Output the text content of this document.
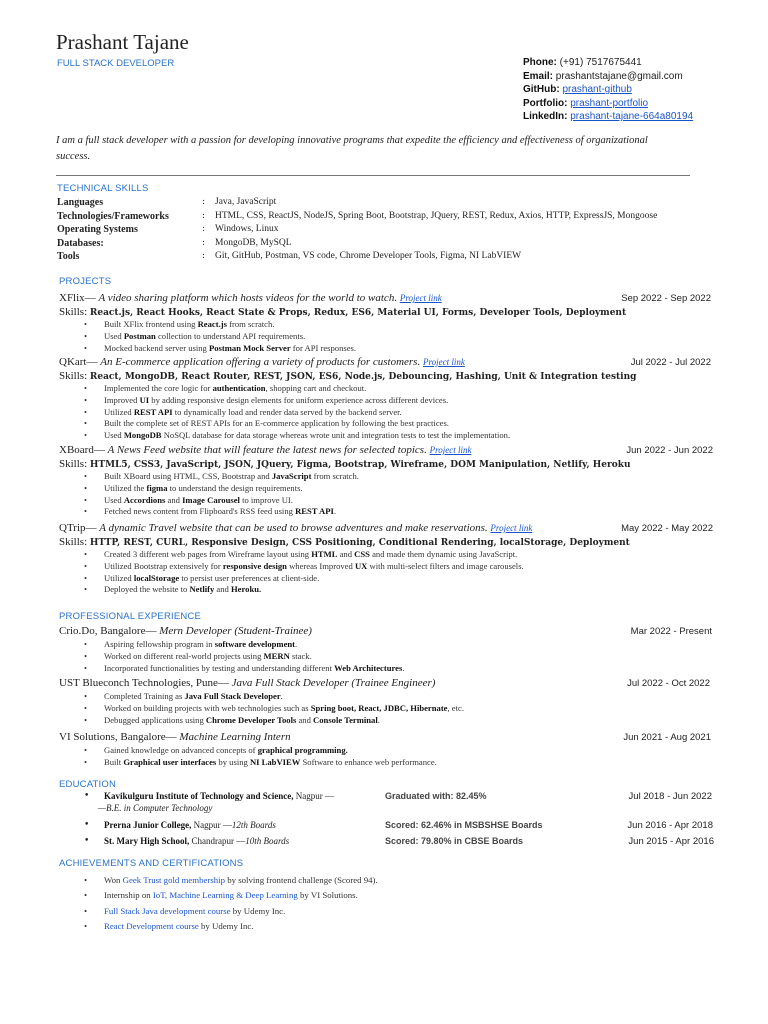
Prashant Tajane
FULL STACK DEVELOPER	Phone: (+91) 7517675441
Email: prashantstajane@gmail.com
GitHub: prashant-github
Portfolio: prashant-portfolio
LinkedIn: prashant-tajane-664a80194
I am a full stack developer with a passion for developing innovative programs that expedite the efficiency and effectiveness of organizational success.
TECHNICAL SKILLS
PROJECTS
PROFESSIONAL EXPERIENCE
EDUCATION
ACHIEVEMENTS AND CERTIFICATIONS
• Won Geek Trust gold membership by solving frontend challenge (Scored 94).
• Internship on IoT, Machine Learning & Deep Learning by VI Solutions.
• Full Stack Java development course by Udemy Inc.
• React Development course by Udemy Inc.
Languages	: Java, JavaScript
Technologies/Frameworks	: HTML, CSS, ReactJS, NodeJS, Spring Boot, Bootstrap, JQuery, REST, Redux, Axios, HTTP, ExpressJS, Mongoose
Operating Systems	: Windows, Linux
Databases:	: MongoDB, MySQL
Tools	: Git, GitHub, Postman, VS code, Chrome Developer Tools, Figma, NI LabVIEW
XFlix— A video sharing platform which hosts videos for the world to watch. Project link	Sep 2022 - Sep 2022
Skills: React.js, React Hooks, React State & Props, Redux, ES6, Material UI, Forms, Developer Tools, Deployment
• Built XFlix frontend using React.js from scratch.
• Used Postman collection to understand API requirements.
• Mocked backend server using Postman Mock Server for API responses.
QKart— An E-commerce application offering a variety of products for customers. Project link	Jul 2022 - Jul 2022
Skills: React, MongoDB, React Router, REST, JSON, ES6, Node.js, Debouncing, Hashing, Unit & Integration testing
• Implemented the core logic for authentication, shopping cart and checkout.
• Improved UI by adding responsive design elements for uniform experience across different devices.
• Utilized REST API to dynamically load and render data served by the backend server.
• Built the complete set of REST APIs for an E-commerce application by following the best practices.
• Used MongoDB NoSQL database for data storage whereas wrote unit and integration tests to test the implementation.
XBoard— A News Feed website that will feature the latest news for selected topics. Project link	Jun 2022 - Jun 2022
Skills: HTML5, CSS3, JavaScript, JSON, JQuery, Figma, Bootstrap, Wireframe, DOM Manipulation, Netlify, Heroku
• Built XBoard using HTML, CSS, Bootstrap and JavaScript from scratch.
• Utilized the figma to understand the design requirements.
• Used Accordions and Image Carousel to improve UI.
• Fetched news content from Flipboard's RSS feed using REST API.
QTrip— A dynamic Travel website that can be used to browse adventures and make reservations. Project link	May 2022 - May 2022
Skills: HTTP, REST, CURL, Responsive Design, CSS Positioning, Conditional Rendering, localStorage, Deployment
• Created 3 different web pages from Wireframe layout using HTML and CSS and made them dynamic using JavaScript.
• Utilized Bootstrap extensively for responsive design whereas Improved UX with multi-select filters and image carousels.
• Utilized localStorage to persist user preferences at client-side.
• Deployed the website to Netlify and Heroku.
Crio.Do, Bangalore— Mern Developer (Student-Trainee)	Mar 2022 - Present
• Aspiring fellowship program in software development.
• Worked on different real-world projects using MERN stack.
• Incorporated functionalities by testing and understanding different Web Architectures.
UST Blueconch Technologies, Pune— Java Full Stack Developer (Trainee Engineer)	Jul 2022 - Oct 2022
• Completed Training as Java Full Stack Developer.
• Worked on building projects with web technologies such as Spring boot, React, JDBC, Hibernate, etc.
• Debugged applications using Chrome Developer Tools and Console Terminal.
VI Solutions, Bangalore— Machine Learning Intern	Jun 2021 - Aug 2021
• Gained knowledge on advanced concepts of graphical programming.
• Built Graphical user interfaces by using NI LabVIEW Software to enhance web performance.
• Kavikulguru Institute of Technology and Science, Nagpur —
—B.E. in Computer Technology
Graduated with: 82.45%	Jul 2018 - Jun 2022
• Prerna Junior College, Nagpur —12th Boards	Scored: 62.46% in MSBSHSE Boards	Jun 2016 - Apr 2018
• St. Mary High School, Chandrapur —10th Boards	Scored: 79.80% in CBSE Boards	Jun 2015 - Apr 2016
